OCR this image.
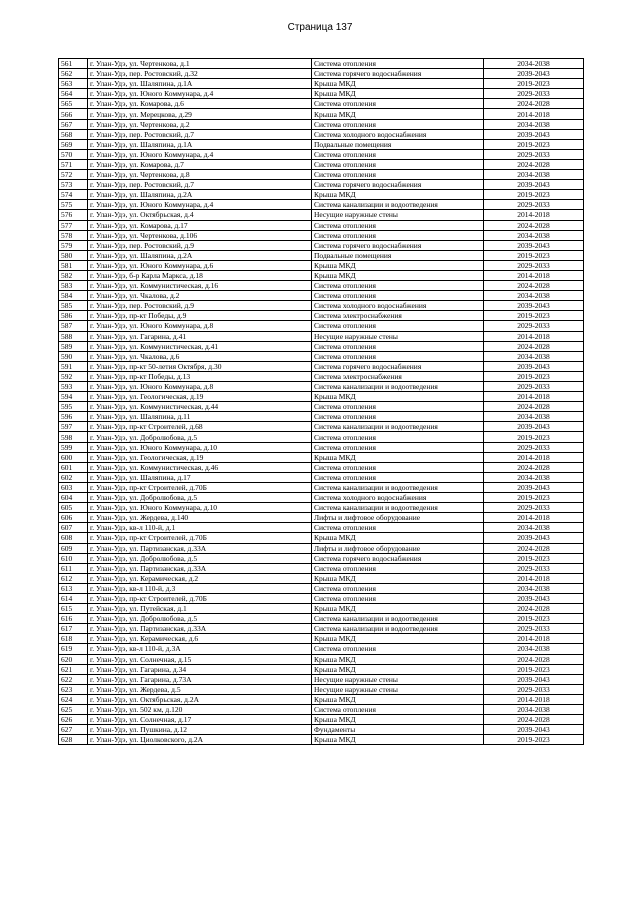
Страница 137
561	г. Улан-Удэ, ул. Чертенкова, д.1	Система отопления	2034-2038
562	г. Улан-Удэ, пер. Ростовский, д.32	Система горячего водоснабжения	2039-2043
563	г. Улан-Удэ, ул. Шаляпина, д.1А	Крыша МКД	2019-2023
564	г. Улан-Удэ, ул. Юного Коммунара, д.4	Крыша МКД	2029-2033
565	г. Улан-Удэ, ул. Комарова, д.6	Система отопления	2024-2028
566	г. Улан-Удэ, ул. Мерецкова, д.29	Крыша МКД	2014-2018
567	г. Улан-Удэ, ул. Чертенкова, д.2	Система отопления	2034-2038
568	г. Улан-Удэ, пер. Ростовский, д.7	Система холодного водоснабжения	2039-2043
569	г. Улан-Удэ, ул. Шаляпина, д.1А	Подвальные помещения	2019-2023
570	г. Улан-Удэ, ул. Юного Коммунара, д.4	Система отопления	2029-2033
571	г. Улан-Удэ, ул. Комарова, д.7	Система отопления	2024-2028
572	г. Улан-Удэ, ул. Чертенкова, д.8	Система отопления	2034-2038
573	г. Улан-Удэ, пер. Ростовский, д.7	Система горячего водоснабжения	2039-2043
574	г. Улан-Удэ, ул. Шаляпина, д.2А	Крыша МКД	2019-2023
575	г. Улан-Удэ, ул. Юного Коммунара, д.4	Система канализации и водоотведения	2029-2033
576	г. Улан-Удэ, ул. Октябрьская, д.4	Несущие наружные стены	2014-2018
577	г. Улан-Удэ, ул. Комарова, д.17	Система отопления	2024-2028
578	г. Улан-Удэ, ул. Чертенкова, д.106	Система отопления	2034-2038
579	г. Улан-Удэ, пер. Ростовский, д.9	Система горячего водоснабжения	2039-2043
580	г. Улан-Удэ, ул. Шаляпина, д.2А	Подвальные помещения	2019-2023
581	г. Улан-Удэ, ул. Юного Коммунара, д.6	Крыша МКД	2029-2033
582	г. Улан-Удэ, б-р Карла Маркса, д.18	Крыша МКД	2014-2018
583	г. Улан-Удэ, ул. Коммунистическая, д.16	Система отопления	2024-2028
584	г. Улан-Удэ, ул. Чкалова, д.2	Система отопления	2034-2038
585	г. Улан-Удэ, пер. Ростовский, д.9	Система холодного водоснабжения	2039-2043
586	г. Улан-Удэ, пр-кт Победы, д.9	Система электроснабжения	2019-2023
587	г. Улан-Удэ, ул. Юного Коммунара, д.8	Система отопления	2029-2033
588	г. Улан-Удэ, ул. Гагарина, д.41	Несущие наружные стены	2014-2018
589	г. Улан-Удэ, ул. Коммунистическая, д.41	Система отопления	2024-2028
590	г. Улан-Удэ, ул. Чкалова, д.6	Система отопления	2034-2038
591	г. Улан-Удэ, пр-кт 50-летия Октября, д.30	Система горячего водоснабжения	2039-2043
592	г. Улан-Удэ, пр-кт Победы, д.13	Система электроснабжения	2019-2023
593	г. Улан-Удэ, ул. Юного Коммунара, д.8	Система канализации и водоотведения	2029-2033
594	г. Улан-Удэ, ул. Геологическая, д.19	Крыша МКД	2014-2018
595	г. Улан-Удэ, ул. Коммунистическая, д.44	Система отопления	2024-2028
596	г. Улан-Удэ, ул. Шаляпина, д.11	Система отопления	2034-2038
597	г. Улан-Удэ, пр-кт Строителей, д.68	Система канализации и водоотведения	2039-2043
598	г. Улан-Удэ, ул. Добролюбова, д.5	Система отопления	2019-2023
599	г. Улан-Удэ, ул. Юного Коммунара, д.10	Система отопления	2029-2033
600	г. Улан-Удэ, ул. Геологическая, д.19	Крыша МКД	2014-2018
601	г. Улан-Удэ, ул. Коммунистическая, д.46	Система отопления	2024-2028
602	г. Улан-Удэ, ул. Шаляпина, д.17	Система отопления	2034-2038
603	г. Улан-Удэ, пр-кт Строителей, д.70Б	Система канализации и водоотведения	2039-2043
604	г. Улан-Удэ, ул. Добролюбова, д.5	Система холодного водоснабжения	2019-2023
605	г. Улан-Удэ, ул. Юного Коммунара, д.10	Система канализации и водоотведения	2029-2033
606	г. Улан-Удэ, ул. Жердева, д.140	Лифты и лифтовое оборудование	2014-2018
607	г. Улан-Удэ, кв-л 110-й, д.1	Система отопления	2034-2038
608	г. Улан-Удэ, пр-кт Строителей, д.70Б	Крыша МКД	2039-2043
609	г. Улан-Удэ, ул. Партизанская, д.33А	Лифты и лифтовое оборудование	2024-2028
610	г. Улан-Удэ, ул. Добролюбова, д.5	Система горячего водоснабжения	2019-2023
611	г. Улан-Удэ, ул. Партизанская, д.33А	Система отопления	2029-2033
612	г. Улан-Удэ, ул. Керамическая, д.2	Крыша МКД	2014-2018
613	г. Улан-Удэ, кв-л 110-й, д.3	Система отопления	2034-2038
614	г. Улан-Удэ, пр-кт Строителей, д.70Б	Система отопления	2039-2043
615	г. Улан-Удэ, ул. Путейская, д.1	Крыша МКД	2024-2028
616	г. Улан-Удэ, ул. Добролюбова, д.5	Система канализации и водоотведения	2019-2023
617	г. Улан-Удэ, ул. Партизанская, д.33А	Система канализации и водоотведения	2029-2033
618	г. Улан-Удэ, ул. Керамическая, д.6	Крыша МКД	2014-2018
619	г. Улан-Удэ, кв-л 110-й, д.3А	Система отопления	2034-2038
620	г. Улан-Удэ, ул. Солнечная, д.15	Крыша МКД	2024-2028
621	г. Улан-Удэ, ул. Гагарина, д.34	Крыша МКД	2019-2023
622	г. Улан-Удэ, ул. Гагарина, д.73А	Несущие наружные стены	2039-2043
623	г. Улан-Удэ, ул. Жердева, д.5	Несущие наружные стены	2029-2033
624	г. Улан-Удэ, ул. Октябрьская, д.2А	Крыша МКД	2014-2018
625	г. Улан-Удэ, ул. 502 км, д.120	Система отопления	2034-2038
626	г. Улан-Удэ, ул. Солнечная, д.17	Крыша МКД	2024-2028
627	г. Улан-Удэ, ул. Пушкина, д.12	Фундаменты	2039-2043
628	г. Улан-Удэ, ул. Циолковского, д.2А	Крыша МКД	2019-2023
